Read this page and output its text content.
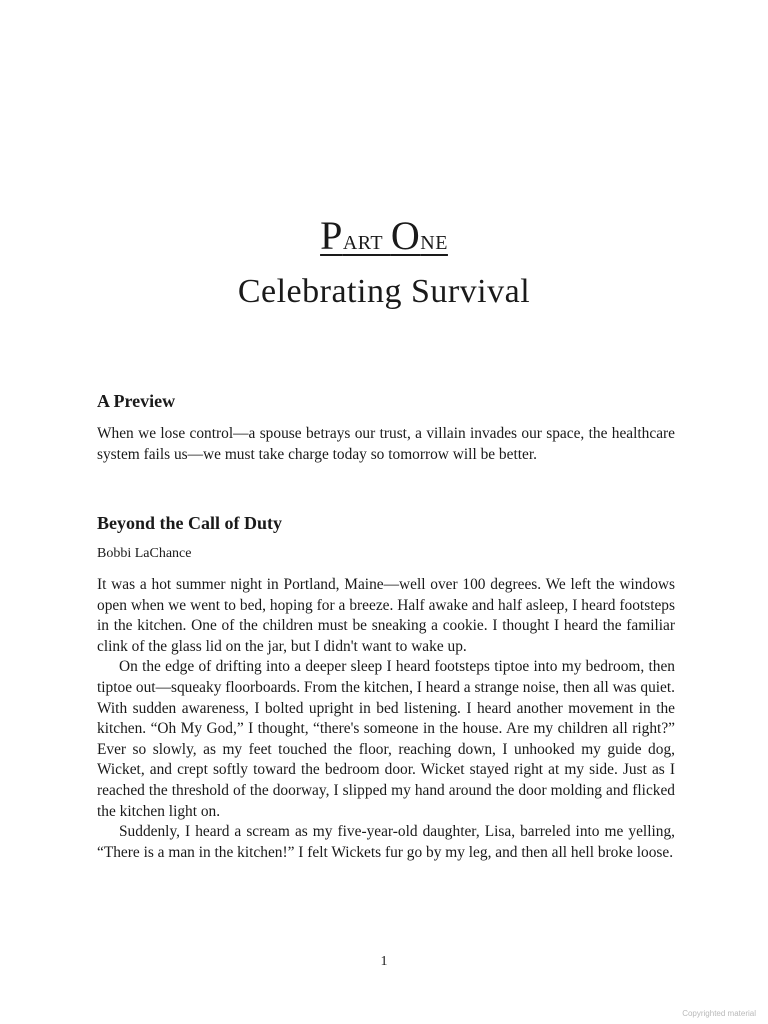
Part One
Celebrating Survival
A Preview

When we lose control—a spouse betrays our trust, a villain invades our space, the healthcare system fails us—we must take charge today so tomorrow will be better.

Beyond the Call of Duty
Bobbi LaChance

It was a hot summer night in Portland, Maine—well over 100 degrees. We left the windows open when we went to bed, hoping for a breeze. Half awake and half asleep, I heard footsteps in the kitchen. One of the children must be sneaking a cookie. I thought I heard the familiar clink of the glass lid on the jar, but I didn't want to wake up.

On the edge of drifting into a deeper sleep I heard footsteps tiptoe into my bedroom, then tiptoe out—squeaky floorboards. From the kitchen, I heard a strange noise, then all was quiet. With sudden awareness, I bolted upright in bed listening. I heard another movement in the kitchen. “Oh My God,” I thought, “there's someone in the house. Are my children all right?” Ever so slowly, as my feet touched the floor, reaching down, I unhooked my guide dog, Wicket, and crept softly toward the bedroom door. Wicket stayed right at my side. Just as I reached the threshold of the doorway, I slipped my hand around the door molding and flicked the kitchen light on.

Suddenly, I heard a scream as my five-year-old daughter, Lisa, barreled into me yelling, “There is a man in the kitchen!” I felt Wickets fur go by my leg, and then all hell broke loose.

1
Copyrighted material
